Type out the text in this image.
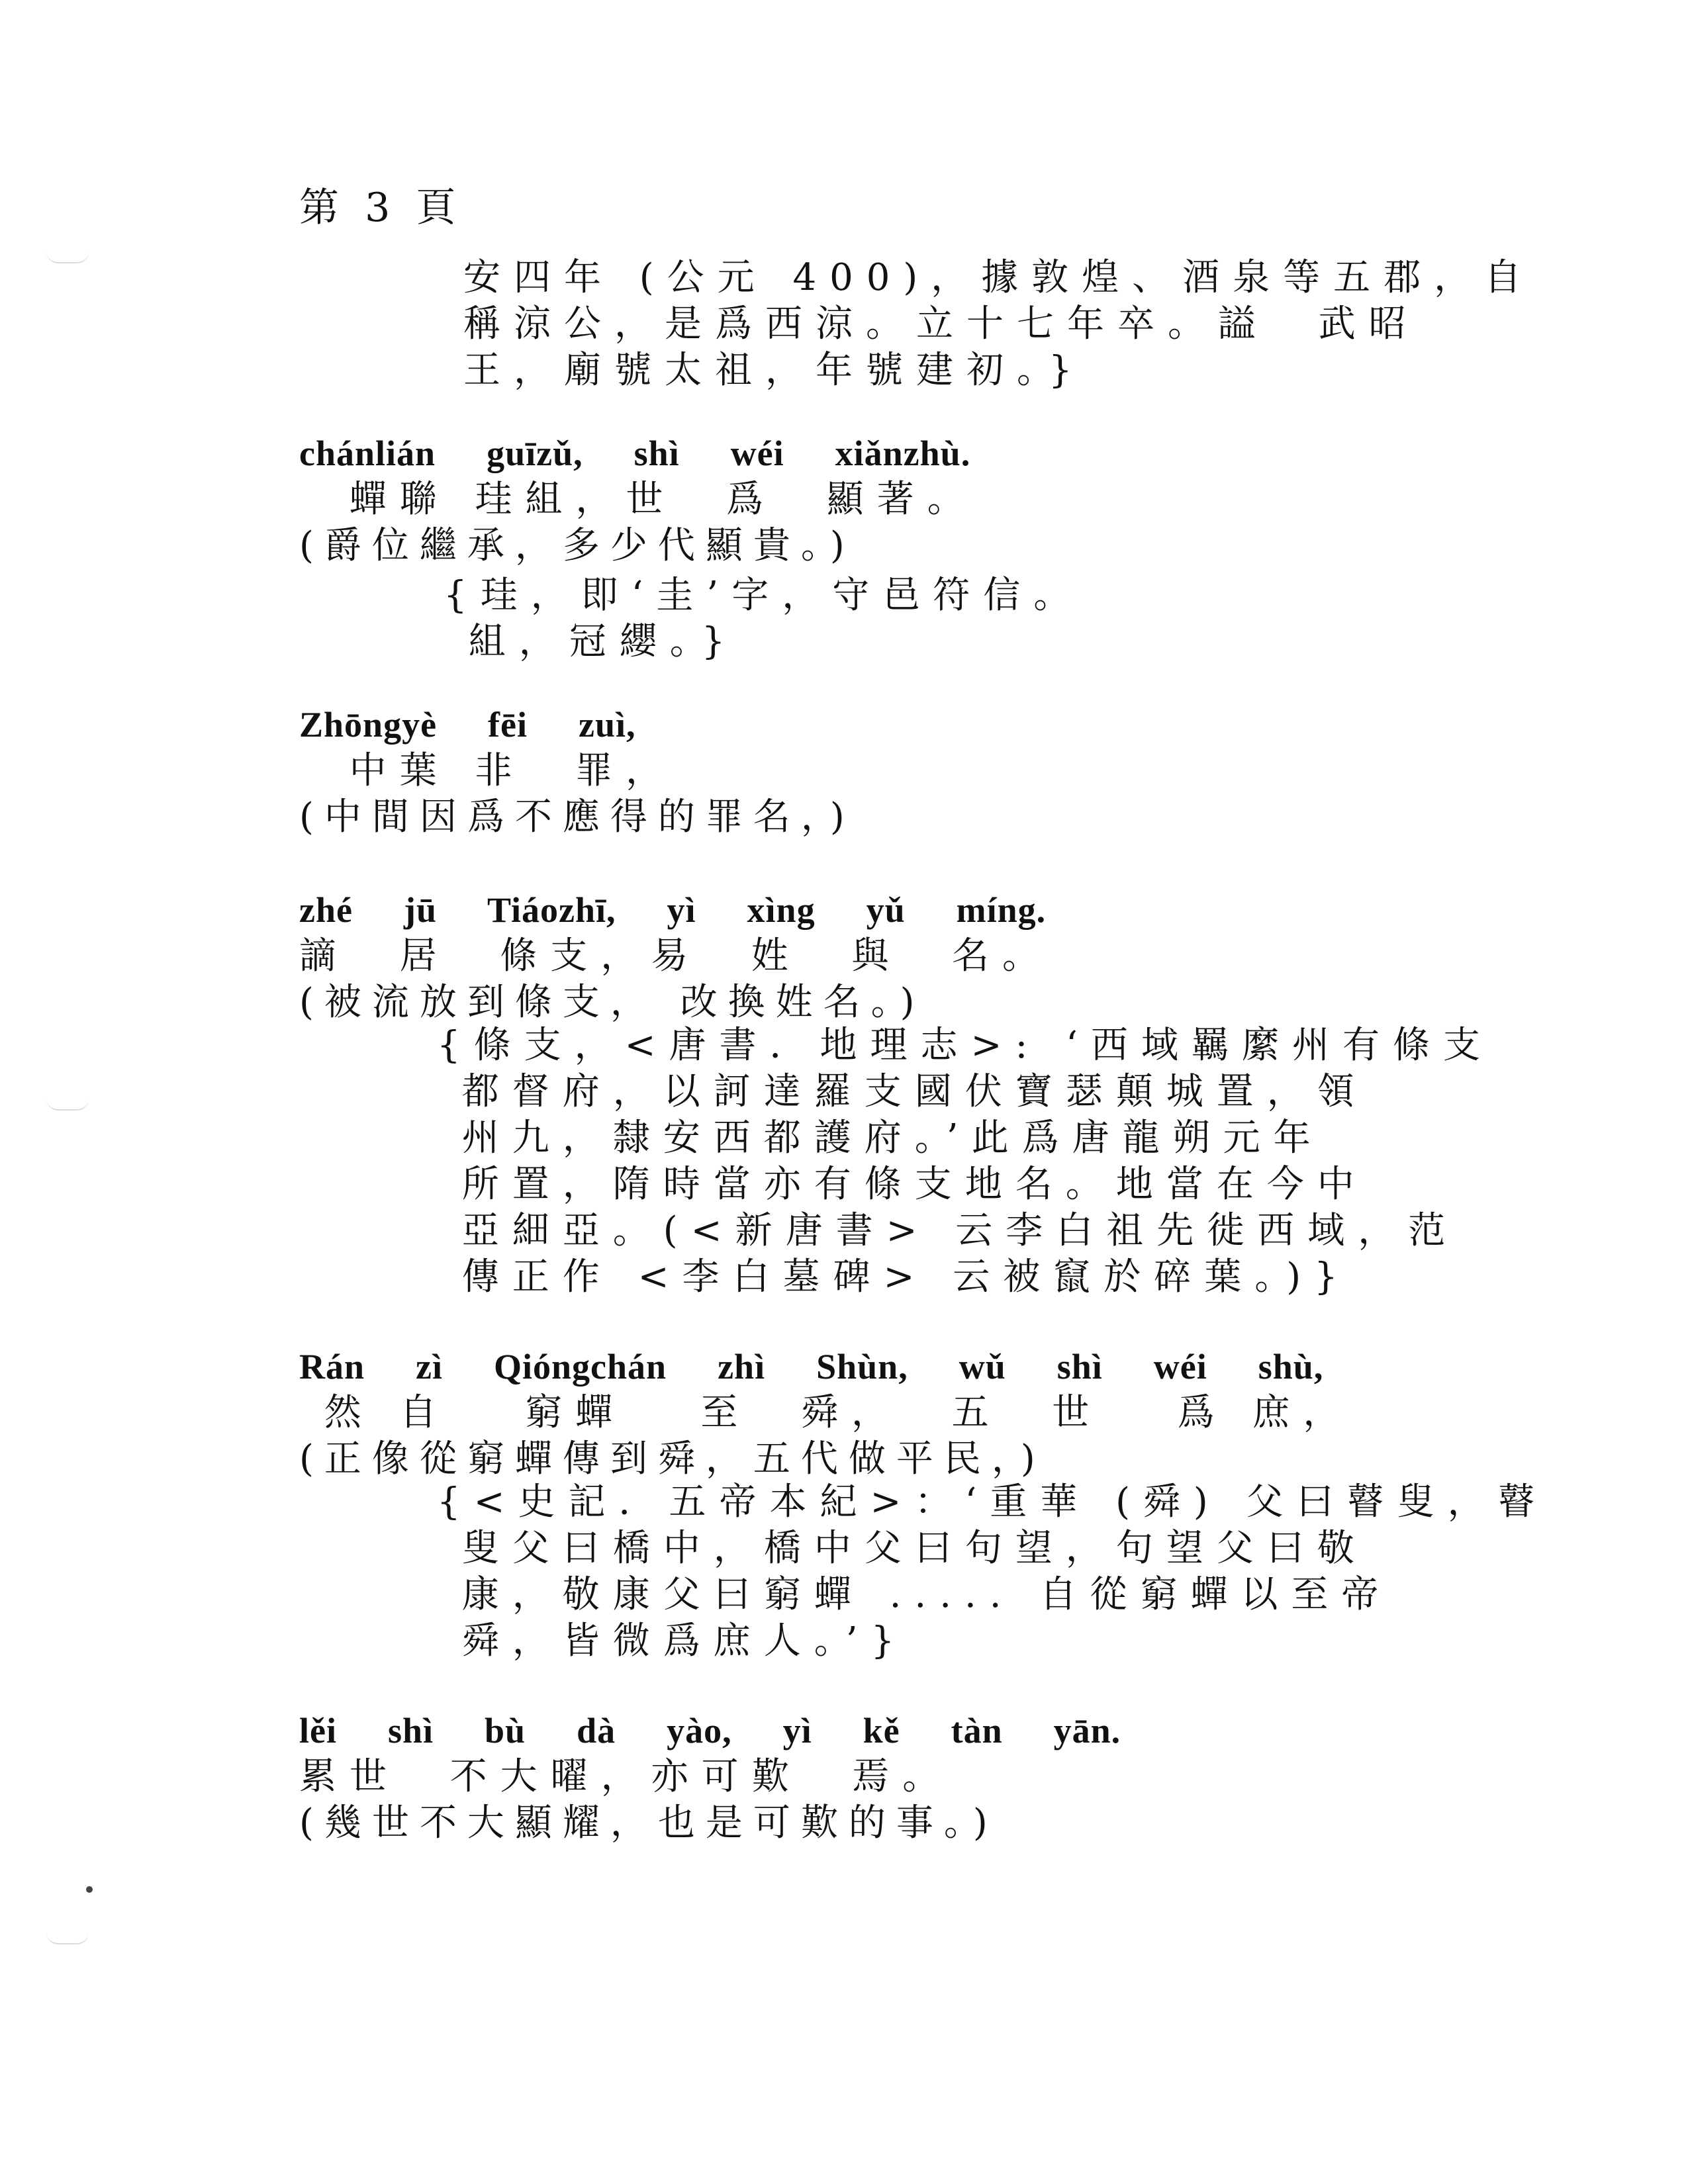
第 3 頁
安四年 (公元 400)，據敦煌、酒泉等五郡，自
稱涼公，是爲西涼。立十七年卒。謚  武昭
王，廟號太祖，年號建初。}
chánlián  guīzǔ,  shì  wéi  xiǎnzhù.
蟬聯 珪組，世  爲  顯著。
(爵位繼承，多少代顯貴。)
{珪，即‘圭’字，守邑符信。
組，冠纓。}
Zhōngyè  fēi  zuì,
中葉 非  罪，
(中間因爲不應得的罪名，)
zhé  jū  Tiáozhī,  yì  xìng  yǔ  míng.
謫  居  條支，易  姓  與  名。
(被流放到條支， 改換姓名。)
{條支，<唐書．地理志>: ‘西域羈縻州有條支
都督府，以訶達羅支國伏寶瑟顛城置，領
州九，隸安西都護府。’此爲唐龍朔元年
所置，隋時當亦有條支地名。地當在今中
亞細亞。(<新唐書> 云李白祖先徙西域，范
傳正作 <李白墓碑> 云被竄於碎葉。)}
Rán  zì  Qióngchán  zhì  Shùn,  wǔ  shì  wéi  shù,
然 自   窮蟬   至  舜，  五  世   爲 庶，
(正像從窮蟬傳到舜，五代做平民，)
{<史記．五帝本紀>：‘重華 (舜) 父曰瞽叟，瞽
叟父曰橋中，橋中父曰句望，句望父曰敬
康，敬康父曰窮蟬 ..... 自從窮蟬以至帝
舜，皆微爲庶人。’}
lěi  shì  bù  dà  yào,  yì  kě  tàn  yān.
累世  不大曜，亦可歎  焉。
(幾世不大顯耀，也是可歎的事。)
